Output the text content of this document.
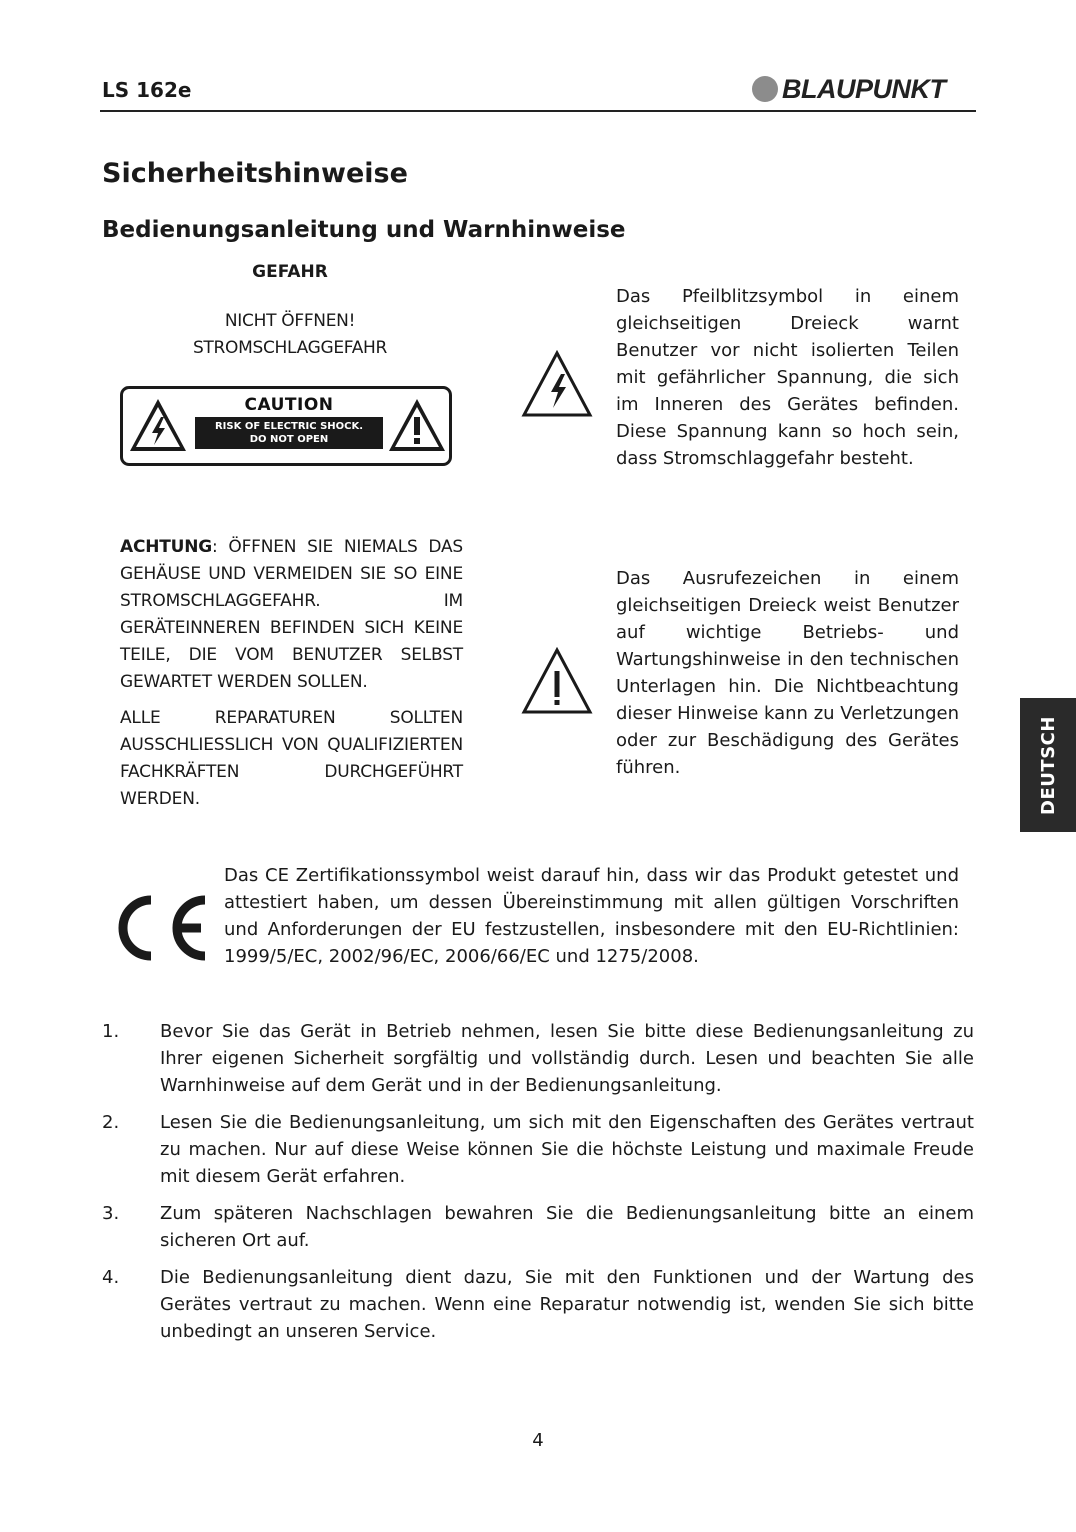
LS 162e	BLAUPUNKT
Sicherheitshinweise
Bedienungsanleitung und Warnhinweise
GEFAHR
NICHT ÖFFNEN!
STROMSCHLAGGEFAHR
CAUTION
RISK OF ELECTRIC SHOCK.
DO NOT OPEN

ACHTUNG: ÖFFNEN SIE NIEMALS DAS GEHÄUSE UND VERMEIDEN SIE SO EINE STROMSCHLAGGEFAHR. IM GERÄTEINNEREN BEFINDEN SICH KEINE TEILE, DIE VOM BENUTZER SELBST GEWARTET WERDEN SOLLEN.

ALLE REPARATUREN SOLLTEN AUSSCHLIESSLICH VON QUALIFIZIERTEN FACHKRÄFTEN DURCHGEFÜHRT WERDEN.

Das Pfeilblitzsymbol in einem gleichseitigen Dreieck warnt Benutzer vor nicht isolierten Teilen mit gefährlicher Spannung, die sich im Inneren des Gerätes befinden. Diese Spannung kann so hoch sein, dass Stromschlaggefahr besteht.
Das Ausrufezeichen in einem gleichseitigen Dreieck weist Benutzer auf wichtige Betriebs- und Wartungshinweise in den technischen Unterlagen hin. Die Nichtbeachtung dieser Hinweise kann zu Verletzungen oder zur Beschädigung des Gerätes führen.
Das CE Zertifikationssymbol weist darauf hin, dass wir das Produkt getestet und attestiert haben, um dessen Übereinstimmung mit allen gültigen Vorschriften und Anforderungen der EU festzustellen, insbesondere mit den EU-Richtlinien: 1999/5/EC, 2002/96/EC, 2006/66/EC und 1275/2008.
1.	Bevor Sie das Gerät in Betrieb nehmen, lesen Sie bitte diese Bedienungsanleitung zu Ihrer eigenen Sicherheit sorgfältig und vollständig durch. Lesen und beachten Sie alle Warnhinweise auf dem Gerät und in der Bedienungsanleitung.
2.	Lesen Sie die Bedienungsanleitung, um sich mit den Eigenschaften des Gerätes vertraut zu machen. Nur auf diese Weise können Sie die höchste Leistung und maximale Freude mit diesem Gerät erfahren.
3.	Zum späteren Nachschlagen bewahren Sie die Bedienungsanleitung bitte an einem sicheren Ort auf.
4.	Die Bedienungsanleitung dient dazu, Sie mit den Funktionen und der Wartung des Gerätes vertraut zu machen. Wenn eine Reparatur notwendig ist, wenden Sie sich bitte unbedingt an unseren Service.
4
DEUTSCH
